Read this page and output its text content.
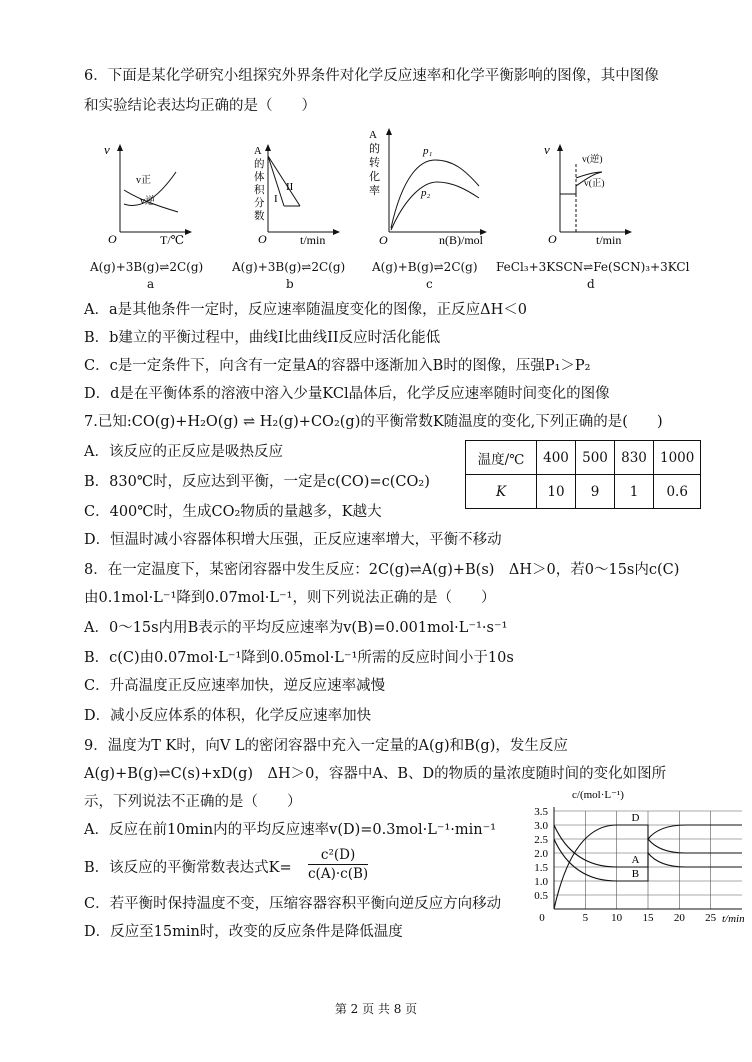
6．下面是某化学研究小组探究外界条件对化学反应速率和化学平衡影响的图像，其中图像
和实验结论表达均正确的是（　　）
v
O	T/℃
v正
v逆
A
的
体
积
分
数
O	t/min
II
I
A
的
转
化
率
O	n(B)/mol
p₁
p₂
v
O	t/min
v(逆)
v(正)
A(g)+3B(g)⇌2C(g) A(g)+3B(g)⇌2C(g) A(g)+B(g)⇌2C(g) FeCl₃+3KSCN⇌Fe(SCN)₃+3KCl
a	b	c	d
A．a是其他条件一定时，反应速率随温度变化的图像，正反应ΔH＜0
B．b建立的平衡过程中，曲线I比曲线II反应时活化能低
C．c是一定条件下，向含有一定量A的容器中逐渐加入B时的图像，压强P₁＞P₂
D．d是在平衡体系的溶液中溶入少量KCl晶体后，化学反应速率随时间变化的图像
7.已知:CO(g)+H₂O(g) ⇌ H₂(g)+CO₂(g)的平衡常数K随温度的变化,下列正确的是(　　)
A．该反应的正反应是吸热反应
B．830℃时，反应达到平衡，一定是c(CO)=c(CO₂)
C．400℃时，生成CO₂物质的量越多，K越大
D．恒温时减小容器体积增大压强，正反应速率增大，平衡不移动
温度/℃	400	500	830	1000
K	10	9	1	0.6
8．在一定温度下，某密闭容器中发生反应：2C(g)⇌A(g)+B(s)　ΔH＞0，若0～15s内c(C)
由0.1mol·L⁻¹降到0.07mol·L⁻¹，则下列说法正确的是（　　）
A．0～15s内用B表示的平均反应速率为v(B)=0.001mol·L⁻¹·s⁻¹
B．c(C)由0.07mol·L⁻¹降到0.05mol·L⁻¹所需的反应时间小于10s
C．升高温度正反应速率加快，逆反应速率减慢
D．减小反应体系的体积，化学反应速率加快
9．温度为T K时，向V L的密闭容器中充入一定量的A(g)和B(g)，发生反应
A(g)+B(g)⇌C(s)+xD(g)　ΔH＞0，容器中A、B、D的物质的量浓度随时间的变化如图所
示，下列说法不正确的是（　　）
A．反应在前10min内的平均反应速率v(D)=0.3mol·L⁻¹·min⁻¹
B．该反应的平衡常数表达式$K= \frac{\text{c²(D)}}{c(A)\cdot c(B)}$
C．若平衡时保持温度不变，压缩容器容积平衡向逆反应方向移动
D．反应至15min时，改变的反应条件是降低温度
c/(mol·L⁻¹)
t/min
0.5
1.0
1.5
2.0
2.5
3.0
3.5
0	5 10 15 20 25
D
A
B
第 2 页 共 8 页
